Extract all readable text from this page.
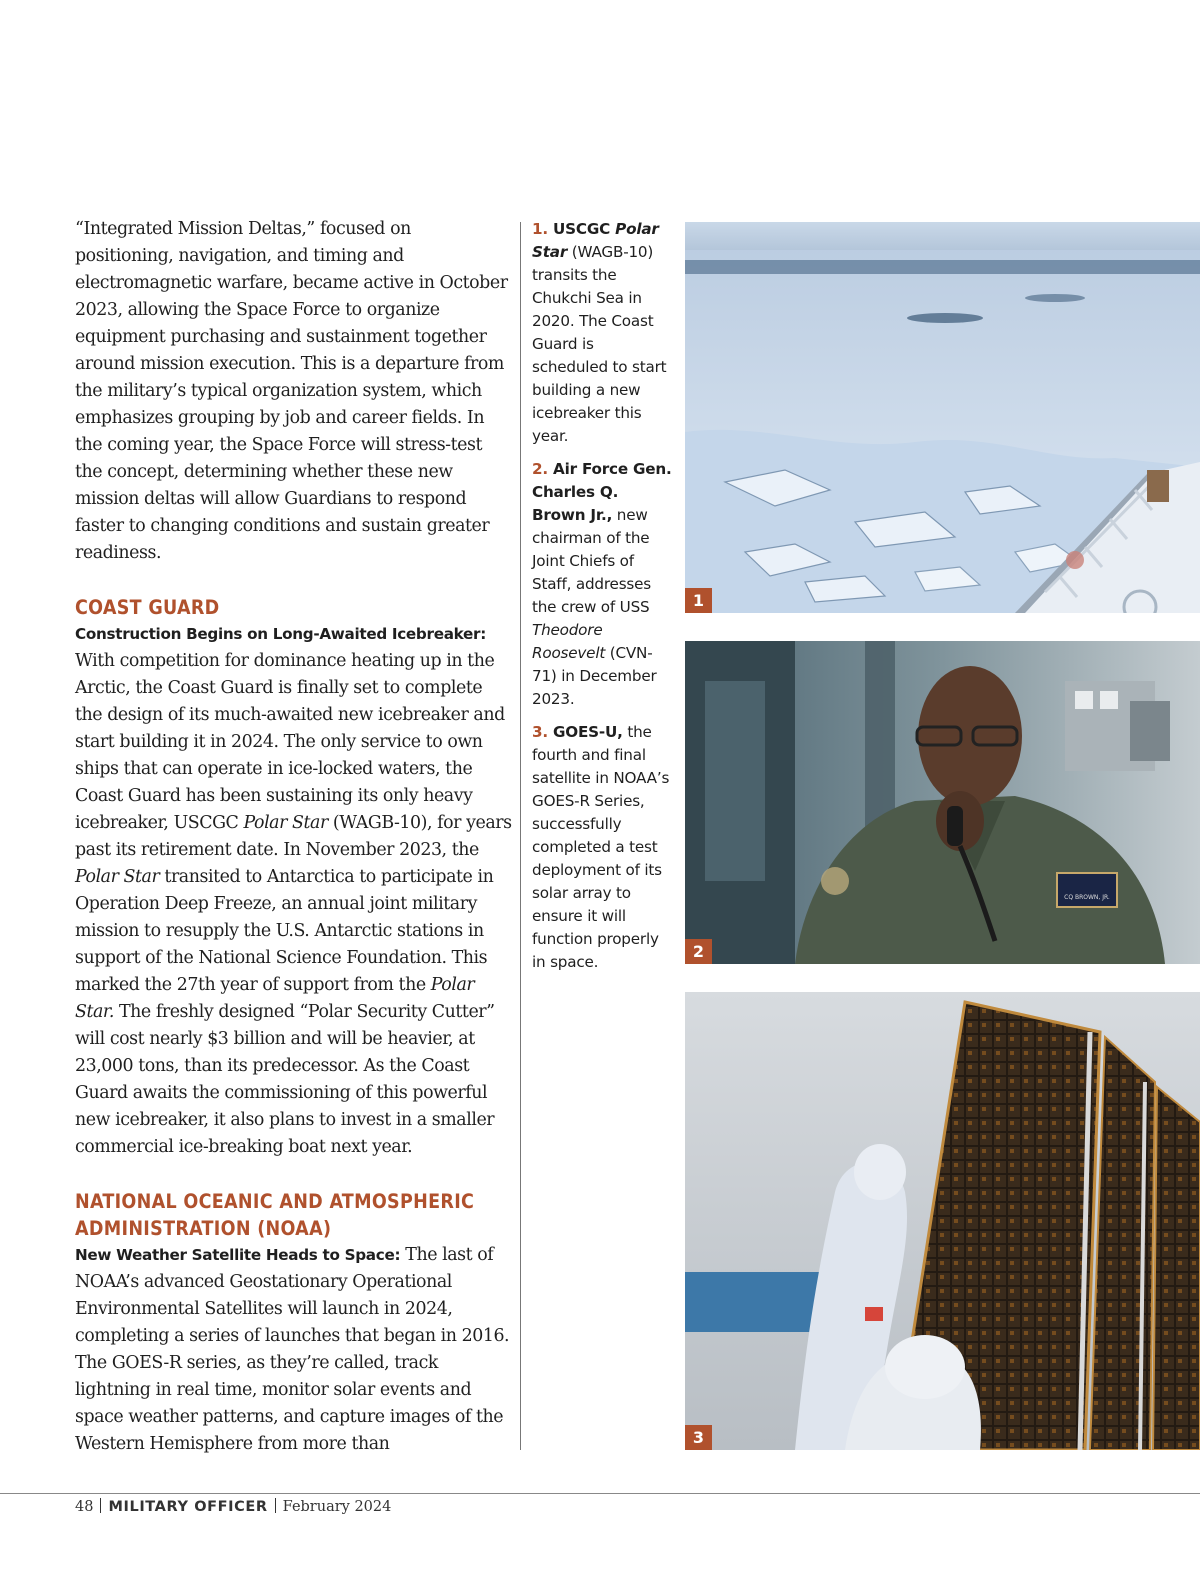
“Integrated Mission Deltas,” focused on positioning, navigation, and timing and electromagnetic warfare, became active in October 2023, allowing the Space Force to organize equipment purchasing and sustainment together around mission execution. This is a departure from the military’s typical organization system, which emphasizes grouping by job and career fields. In the coming year, the Space Force will stress-test the concept, determining whether these new mission deltas will allow Guardians to respond faster to changing conditions and sustain greater readiness.

COAST GUARD

Construction Begins on Long-Awaited Icebreaker: With competition for dominance heating up in the Arctic, the Coast Guard is finally set to complete the design of its much-awaited new icebreaker and start building it in 2024. The only service to own ships that can operate in ice-locked waters, the Coast Guard has been sustaining its only heavy icebreaker, USCGC Polar Star (WAGB-10), for years past its retirement date. In November 2023, the Polar Star transited to Antarctica to participate in Operation Deep Freeze, an annual joint military mission to resupply the U.S. Antarctic stations in support of the National Science Foundation. This marked the 27th year of support from the Polar Star. The freshly designed “Polar Security Cutter” will cost nearly $3 billion and will be heavier, at 23,000 tons, than its predecessor. As the Coast Guard awaits the commissioning of this powerful new icebreaker, it also plans to invest in a smaller commercial ice-breaking boat next year.

NATIONAL OCEANIC AND ATMOSPHERIC ADMINISTRATION (NOAA)

New Weather Satellite Heads to Space: The last of NOAA’s advanced Geostationary Operational Environmental Satellites will launch in 2024, completing a series of launches that began in 2016. The GOES-R series, as they’re called, track lightning in real time, monitor solar events and space weather patterns, and capture images of the Western Hemisphere from more than

1. USCGC Polar Star (WAGB-10) transits the Chukchi Sea in 2020. The Coast Guard is scheduled to start building a new icebreaker this year.

2. Air Force Gen. Charles Q. Brown Jr., new chairman of the Joint Chiefs of Staff, addresses the crew of USS Theodore Roosevelt (CVN-71) in December 2023.

3. GOES-U, the fourth and final satellite in NOAA’s GOES-R Series, successfully completed a test deployment of its solar array to ensure it will function properly in space.

1
CQ BROWN, JR.
2
3
48 MILITARY OFFICER February 2024
